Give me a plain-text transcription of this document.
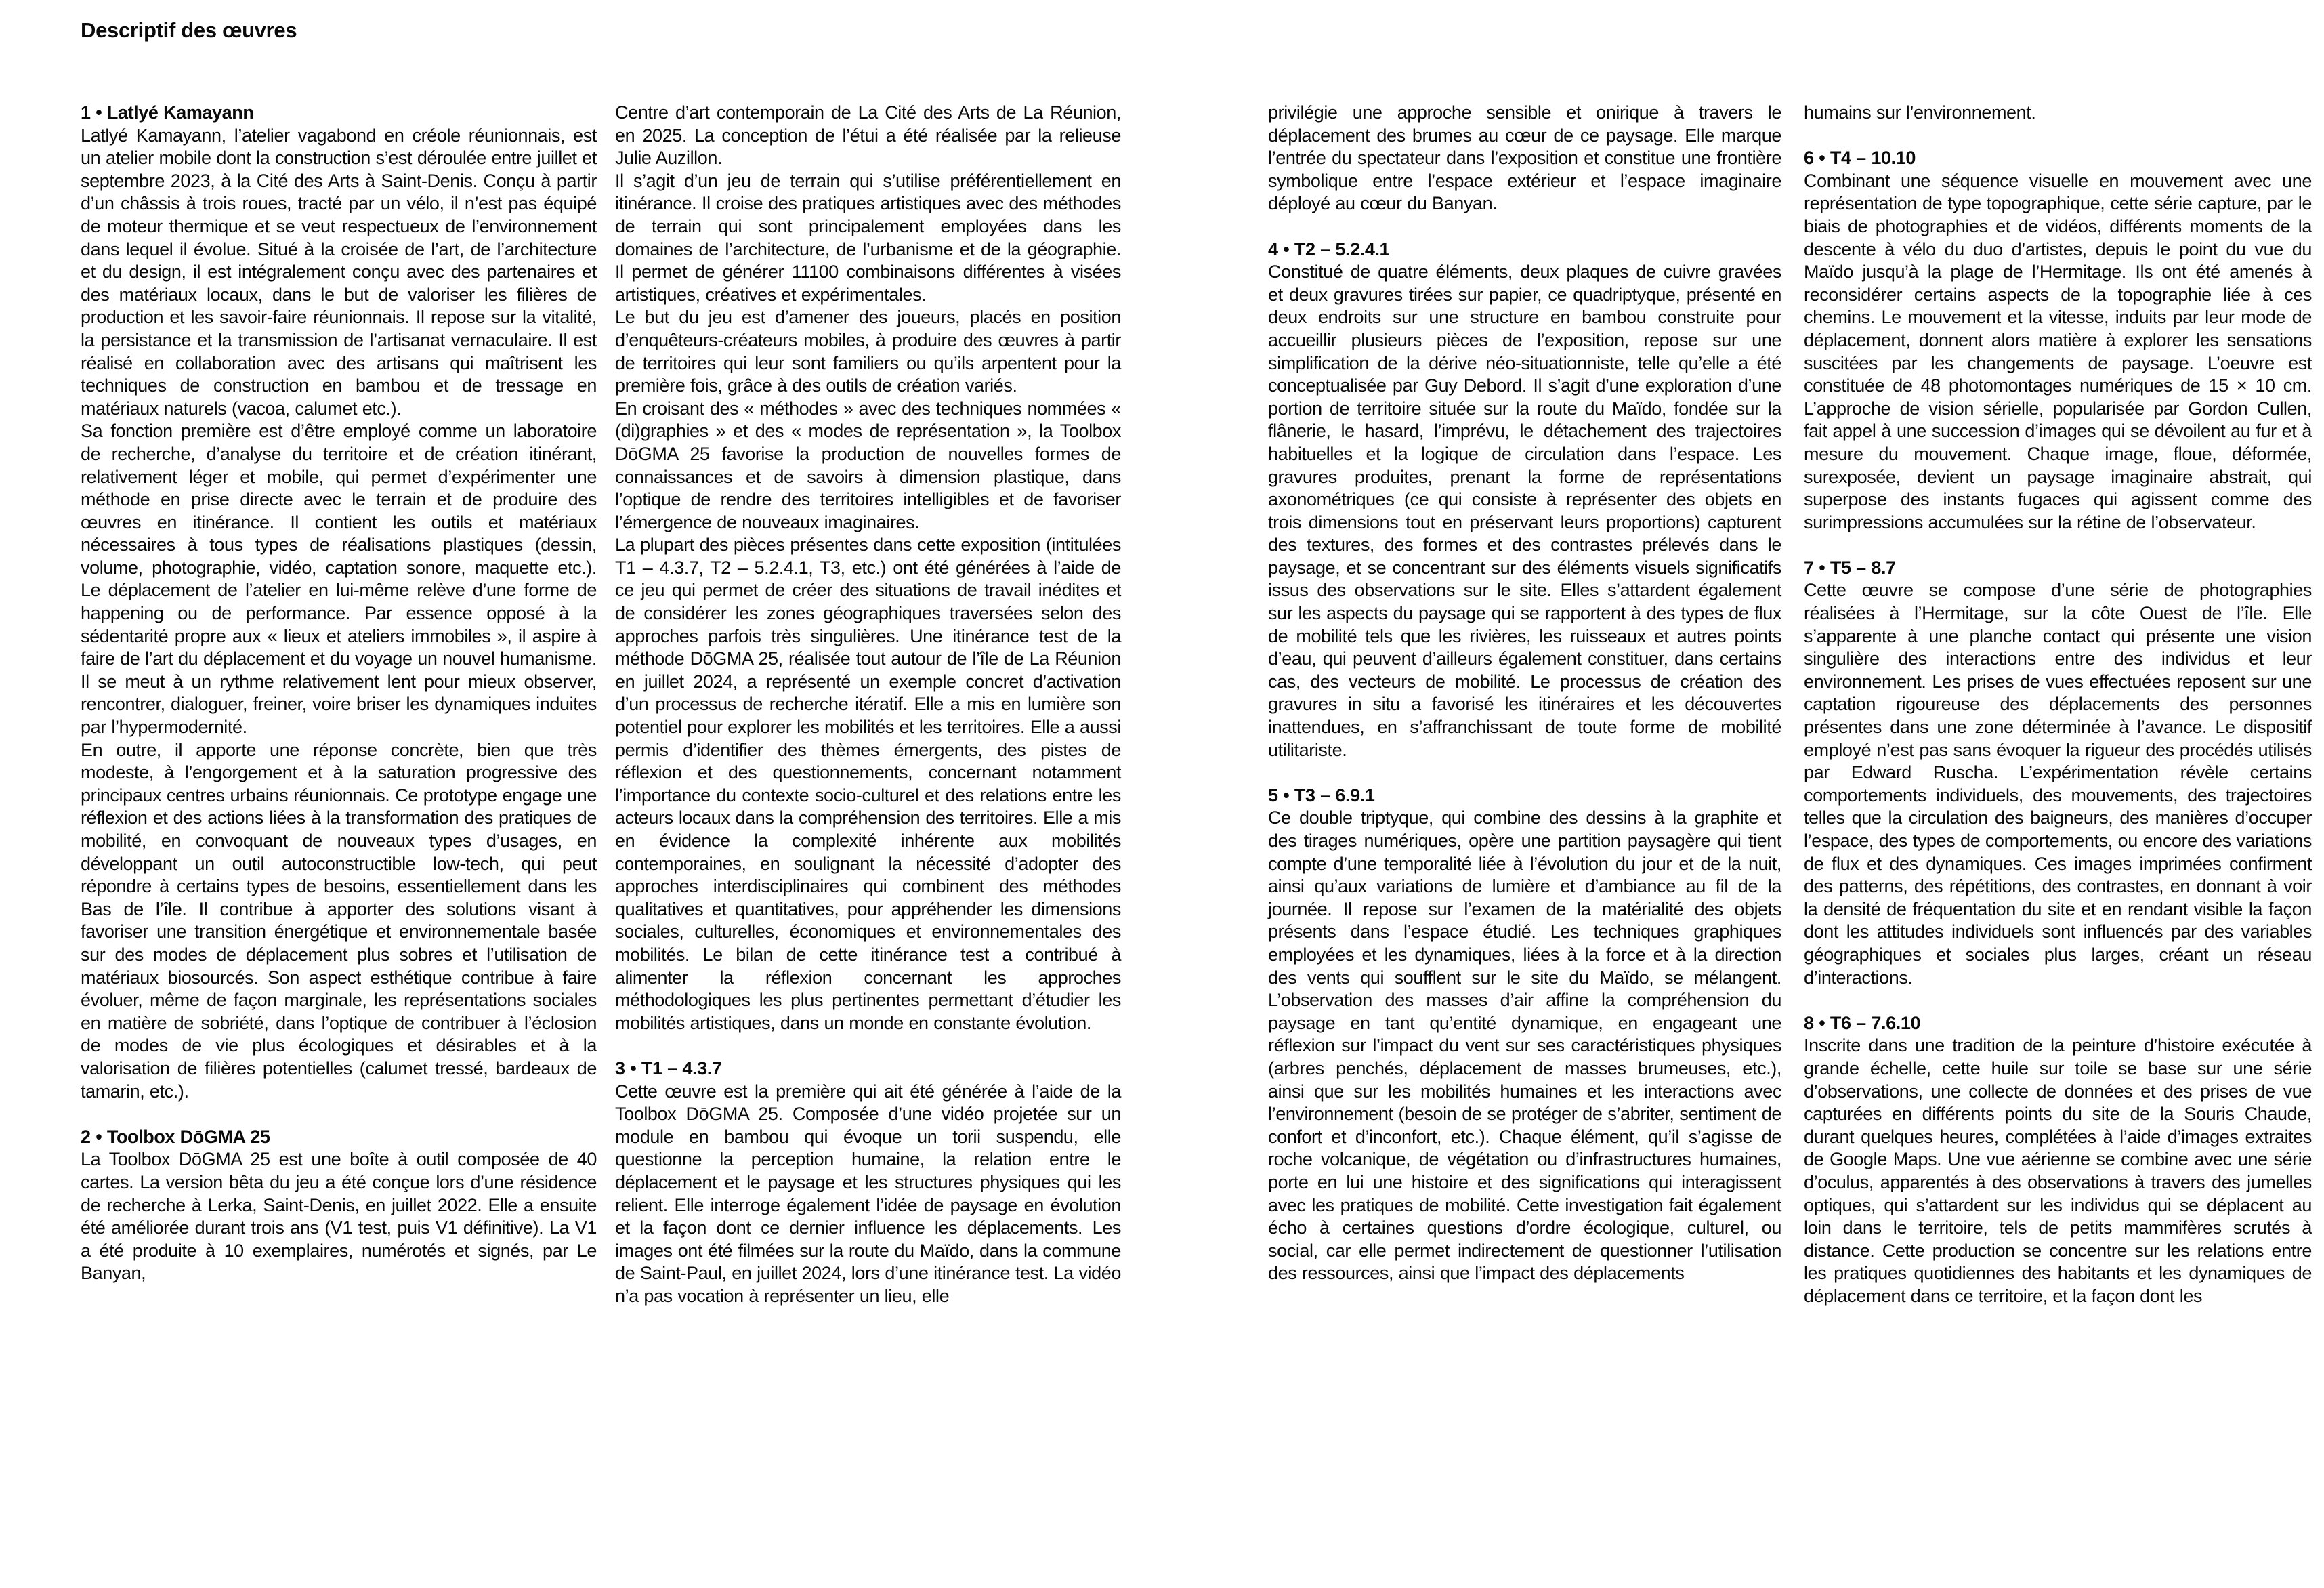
Descriptif des œuvres
1 • Latlyé Kamayann

Latlyé Kamayann, l’atelier vagabond en créole réunionnais, est un atelier mobile dont la construction s’est déroulée entre juillet et septembre 2023, à la Cité des Arts à Saint-Denis. Conçu à partir d’un châssis à trois roues, tracté par un vélo, il n’est pas équipé de moteur thermique et se veut respectueux de l’environnement dans lequel il évolue. Situé à la croisée de l’art, de l’architecture et du design, il est intégralement conçu avec des partenaires et des matériaux locaux, dans le but de valoriser les filières de production et les savoir-faire réunionnais. Il repose sur la vitalité, la persistance et la transmission de l’artisanat vernaculaire. Il est réalisé en collaboration avec des artisans qui maîtrisent les techniques de construction en bambou et de tressage en matériaux naturels (vacoa, calumet etc.).

Sa fonction première est d’être employé comme un laboratoire de recherche, d’analyse du territoire et de création itinérant, relativement léger et mobile, qui permet d’expérimenter une méthode en prise directe avec le terrain et de produire des œuvres en itinérance. Il contient les outils et matériaux nécessaires à tous types de réalisations plastiques (dessin, volume, photographie, vidéo, captation sonore, maquette etc.). Le déplacement de l’atelier en lui-même relève d’une forme de happening ou de performance. Par essence opposé à la sédentarité propre aux « lieux et ateliers immobiles », il aspire à faire de l’art du déplacement et du voyage un nouvel humanisme. Il se meut à un rythme relativement lent pour mieux observer, rencontrer, dialoguer, freiner, voire briser les dynamiques induites par l’hypermodernité.

En outre, il apporte une réponse concrète, bien que très modeste, à l’engorgement et à la saturation progressive des principaux centres urbains réunionnais. Ce prototype engage une réflexion et des actions liées à la transformation des pratiques de mobilité, en convoquant de nouveaux types d’usages, en développant un outil autoconstructible low-tech, qui peut répondre à certains types de besoins, essentiellement dans les Bas de l’île. Il contribue à apporter des solutions visant à favoriser une transition énergétique et environnementale basée sur des modes de déplacement plus sobres et l’utilisation de matériaux biosourcés. Son aspect esthétique contribue à faire évoluer, même de façon marginale, les représentations sociales en matière de sobriété, dans l’optique de contribuer à l’éclosion de modes de vie plus écologiques et désirables et à la valorisation de filières potentielles (calumet tressé, bardeaux de tamarin, etc.).

2 • Toolbox DōGMA 25

La Toolbox DōGMA 25 est une boîte à outil composée de 40 cartes. La version bêta du jeu a été conçue lors d’une résidence de recherche à Lerka, Saint-Denis, en juillet 2022. Elle a ensuite été améliorée durant trois ans (V1 test, puis V1 définitive). La V1 a été produite à 10 exemplaires, numérotés et signés, par Le Banyan,

Centre d’art contemporain de La Cité des Arts de La Réunion, en 2025. La conception de l’étui a été réalisée par la relieuse Julie Auzillon.

Il s’agit d’un jeu de terrain qui s’utilise préférentiellement en itinérance. Il croise des pratiques artistiques avec des méthodes de terrain qui sont principalement employées dans les domaines de l’architecture, de l’urbanisme et de la géographie. Il permet de générer 11100 combinaisons différentes à visées artistiques, créatives et expérimentales.

Le but du jeu est d’amener des joueurs, placés en position d’enquêteurs-créateurs mobiles, à produire des œuvres à partir de territoires qui leur sont familiers ou qu’ils arpentent pour la première fois, grâce à des outils de création variés.

En croisant des « méthodes » avec des techniques nommées « (di)graphies » et des « modes de représentation », la Toolbox DōGMA 25 favorise la production de nouvelles formes de connaissances et de savoirs à dimension plastique, dans l’optique de rendre des territoires intelligibles et de favoriser l’émergence de nouveaux imaginaires.

La plupart des pièces présentes dans cette exposition (intitulées T1 – 4.3.7, T2 – 5.2.4.1, T3, etc.) ont été générées à l’aide de ce jeu qui permet de créer des situations de travail inédites et de considérer les zones géographiques traversées selon des approches parfois très singulières. Une itinérance test de la méthode DōGMA 25, réalisée tout autour de l’île de La Réunion en juillet 2024, a représenté un exemple concret d’activation d’un processus de recherche itératif. Elle a mis en lumière son potentiel pour explorer les mobilités et les territoires. Elle a aussi permis d’identifier des thèmes émergents, des pistes de réflexion et des questionnements, concernant notamment l’importance du contexte socio-culturel et des relations entre les acteurs locaux dans la compréhension des territoires. Elle a mis en évidence la complexité inhérente aux mobilités contemporaines, en soulignant la nécessité d’adopter des approches interdisciplinaires qui combinent des méthodes qualitatives et quantitatives, pour appréhender les dimensions sociales, culturelles, économiques et environnementales des mobilités. Le bilan de cette itinérance test a contribué à alimenter la réflexion concernant les approches méthodologiques les plus pertinentes permettant d’étudier les mobilités artistiques, dans un monde en constante évolution.

3 • T1 – 4.3.7

Cette œuvre est la première qui ait été générée à l’aide de la Toolbox DōGMA 25. Composée d’une vidéo projetée sur un module en bambou qui évoque un torii suspendu, elle questionne la perception humaine, la relation entre le déplacement et le paysage et les structures physiques qui les relient. Elle interroge également l’idée de paysage en évolution et la façon dont ce dernier influence les déplacements. Les images ont été filmées sur la route du Maïdo, dans la commune de Saint-Paul, en juillet 2024, lors d’une itinérance test. La vidéo n’a pas vocation à représenter un lieu, elle

privilégie une approche sensible et onirique à travers le déplacement des brumes au cœur de ce paysage. Elle marque l’entrée du spectateur dans l’exposition et constitue une frontière symbolique entre l’espace extérieur et l’espace imaginaire déployé au cœur du Banyan.

4 • T2 – 5.2.4.1

Constitué de quatre éléments, deux plaques de cuivre gravées et deux gravures tirées sur papier, ce quadriptyque, présenté en deux endroits sur une structure en bambou construite pour accueillir plusieurs pièces de l’exposition, repose sur une simplification de la dérive néo-situationniste, telle qu’elle a été conceptualisée par Guy Debord. Il s’agit d’une exploration d’une portion de territoire située sur la route du Maïdo, fondée sur la flânerie, le hasard, l’imprévu, le détachement des trajectoires habituelles et la logique de circulation dans l’espace. Les gravures produites, prenant la forme de représentations axonométriques (ce qui consiste à représenter des objets en trois dimensions tout en préservant leurs proportions) capturent des textures, des formes et des contrastes prélevés dans le paysage, et se concentrant sur des éléments visuels significatifs issus des observations sur le site. Elles s’attardent également sur les aspects du paysage qui se rapportent à des types de flux de mobilité tels que les rivières, les ruisseaux et autres points d’eau, qui peuvent d’ailleurs également constituer, dans certains cas, des vecteurs de mobilité. Le processus de création des gravures in situ a favorisé les itinéraires et les découvertes inattendues, en s’affranchissant de toute forme de mobilité utilitariste.

5 • T3 – 6.9.1

Ce double triptyque, qui combine des dessins à la graphite et des tirages numériques, opère une partition paysagère qui tient compte d’une temporalité liée à l’évolution du jour et de la nuit, ainsi qu’aux variations de lumière et d’ambiance au fil de la journée. Il repose sur l’examen de la matérialité des objets présents dans l’espace étudié. Les techniques graphiques employées et les dynamiques, liées à la force et à la direction des vents qui soufflent sur le site du Maïdo, se mélangent. L’observation des masses d’air affine la compréhension du paysage en tant qu’entité dynamique, en engageant une réflexion sur l’impact du vent sur ses caractéristiques physiques (arbres penchés, déplacement de masses brumeuses, etc.), ainsi que sur les mobilités humaines et les interactions avec l’environnement (besoin de se protéger de s’abriter, sentiment de confort et d’inconfort, etc.). Chaque élément, qu’il s’agisse de roche volcanique, de végétation ou d’infrastructures humaines, porte en lui une histoire et des significations qui interagissent avec les pratiques de mobilité. Cette investigation fait également écho à certaines questions d’ordre écologique, culturel, ou social, car elle permet indirectement de questionner l’utilisation des ressources, ainsi que l’impact des déplacements

humains sur l’environnement.

6 • T4 – 10.10

Combinant une séquence visuelle en mouvement avec une représentation de type topographique, cette série capture, par le biais de photographies et de vidéos, différents moments de la descente à vélo du duo d’artistes, depuis le point du vue du Maïdo jusqu’à la plage de l’Hermitage. Ils ont été amenés à reconsidérer certains aspects de la topographie liée à ces chemins. Le mouvement et la vitesse, induits par leur mode de déplacement, donnent alors matière à explorer les sensations suscitées par les changements de paysage. L’oeuvre est constituée de 48 photomontages numériques de 15 × 10 cm. L’approche de vision sérielle, popularisée par Gordon Cullen, fait appel à une succession d’images qui se dévoilent au fur et à mesure du mouvement. Chaque image, floue, déformée, surexposée, devient un paysage imaginaire abstrait, qui superpose des instants fugaces qui agissent comme des surimpressions accumulées sur la rétine de l’observateur.

7 • T5 – 8.7

Cette œuvre se compose d’une série de photographies réalisées à l’Hermitage, sur la côte Ouest de l’île. Elle s’apparente à une planche contact qui présente une vision singulière des interactions entre des individus et leur environnement. Les prises de vues effectuées reposent sur une captation rigoureuse des déplacements des personnes présentes dans une zone déterminée à l’avance. Le dispositif employé n’est pas sans évoquer la rigueur des procédés utilisés par Edward Ruscha. L’expérimentation révèle certains comportements individuels, des mouvements, des trajectoires telles que la circulation des baigneurs, des manières d’occuper l’espace, des types de comportements, ou encore des variations de flux et des dynamiques. Ces images imprimées confirment des patterns, des répétitions, des contrastes, en donnant à voir la densité de fréquentation du site et en rendant visible la façon dont les attitudes individuels sont influencés par des variables géographiques et sociales plus larges, créant un réseau d’interactions.

8 • T6 – 7.6.10

Inscrite dans une tradition de la peinture d’histoire exécutée à grande échelle, cette huile sur toile se base sur une série d’observations, une collecte de données et des prises de vue capturées en différents points du site de la Souris Chaude, durant quelques heures, complétées à l’aide d’images extraites de Google Maps. Une vue aérienne se combine avec une série d’oculus, apparentés à des observations à travers des jumelles optiques, qui s’attardent sur les individus qui se déplacent au loin dans le territoire, tels de petits mammifères scrutés à distance. Cette production se concentre sur les relations entre les pratiques quotidiennes des habitants et les dynamiques de déplacement dans ce territoire, et la façon dont les
